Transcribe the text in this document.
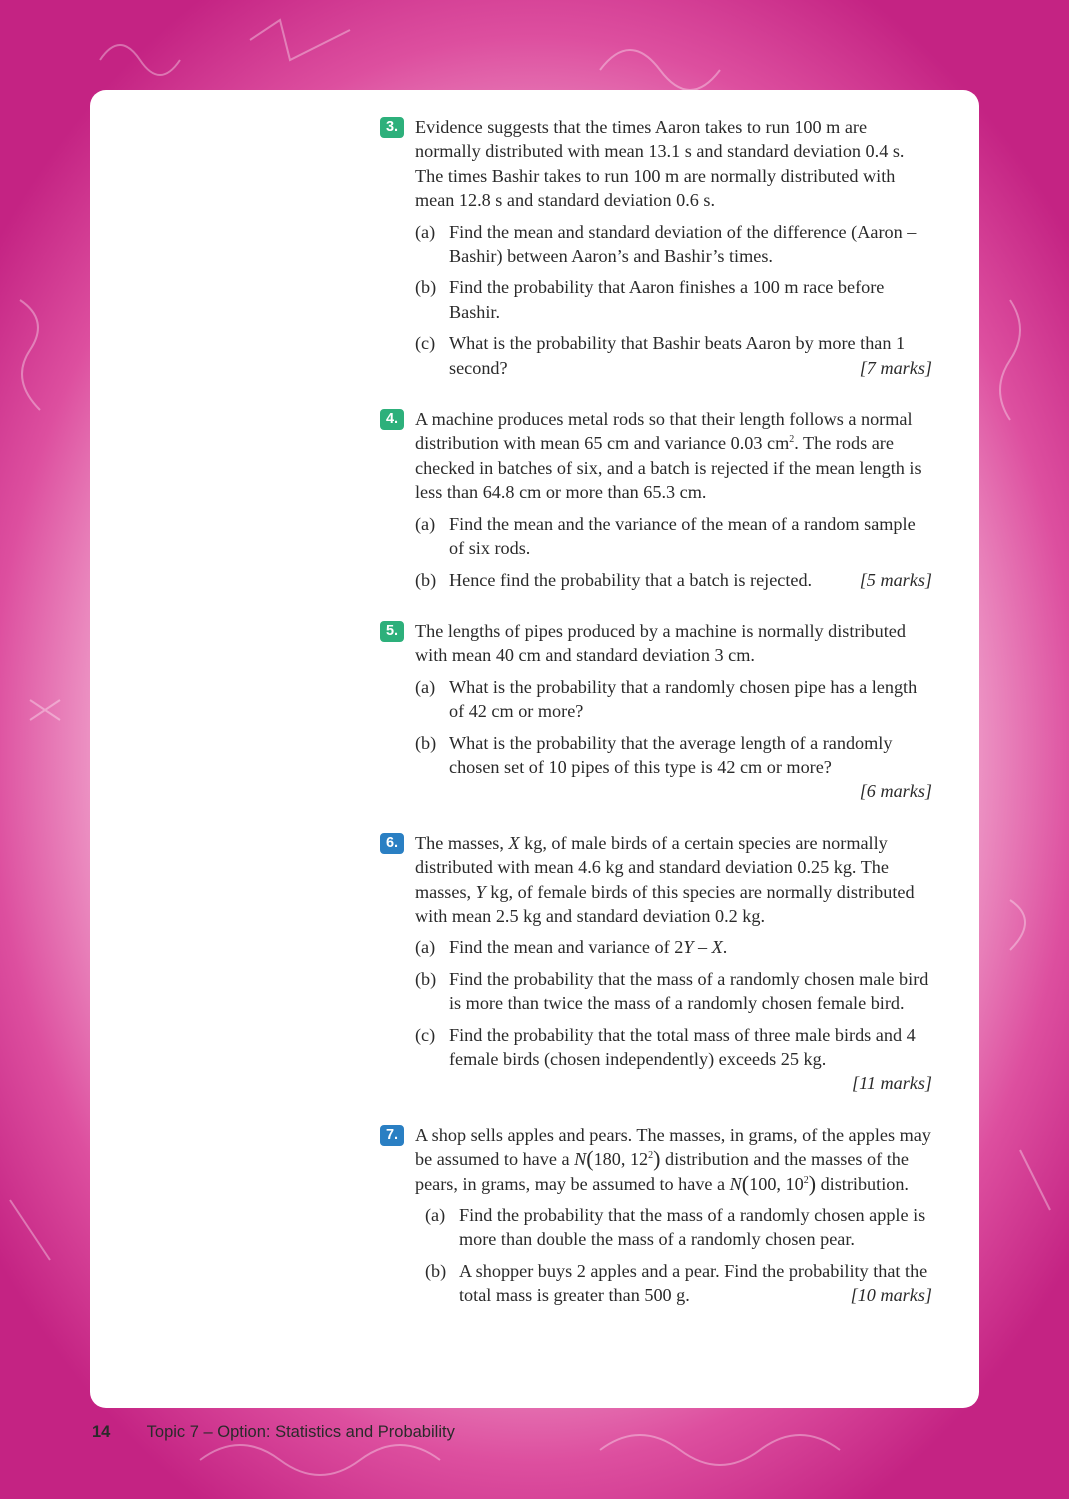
3. Evidence suggests that the times Aaron takes to run 100 m are normally distributed with mean 13.1 s and standard deviation 0.4 s. The times Bashir takes to run 100 m are normally distributed with mean 12.8 s and standard deviation 0.6 s.

(a) Find the mean and standard deviation of the difference (Aaron – Bashir) between Aaron’s and Bashir’s times.
(b) Find the probability that Aaron finishes a 100 m race before Bashir.
(c) What is the probability that Bashir beats Aaron by more than 1 second?	[7 marks]
4. A machine produces metal rods so that their length follows a normal distribution with mean 65 cm and variance 0.03 $cm^2$. The rods are checked in batches of six, and a batch is rejected if the mean length is less than 64.8 cm or more than 65.3 cm.

(a) Find the mean and the variance of the mean of a random sample of six rods.
(b) Hence find the probability that a batch is rejected.	[5 marks]
5. The lengths of pipes produced by a machine is normally distributed with mean 40 cm and standard deviation 3 cm.

(a) What is the probability that a randomly chosen pipe has a length of 42 cm or more?
(b) What is the probability that the average length of a randomly chosen set of 10 pipes of this type is 42 cm or more?
[6 marks]
6. The masses, X kg, of male birds of a certain species are normally distributed with mean 4.6 kg and standard deviation 0.25 kg. The masses, Y kg, of female birds of this species are normally distributed with mean 2.5 kg and standard deviation 0.2 kg.

(a) Find the mean and variance of 2Y – X.
(b) Find the probability that the mass of a randomly chosen male bird is more than twice the mass of a randomly chosen female bird.
(c) Find the probability that the total mass of three male birds and 4 female birds (chosen independently) exceeds 25 kg.
[11 marks]
7. A shop sells apples and pears. The masses, in grams, of the apples may be assumed to have a N(180, $12^2$) distribution and the masses of the pears, in grams, may be assumed to have a N(100, $10^2$) distribution.

(a) Find the probability that the mass of a randomly chosen apple is more than double the mass of a randomly chosen pear.
(b) A shopper buys 2 apples and a pear. Find the probability that the total mass is greater than 500 g.	[10 marks]
14 Topic 7 – Option: Statistics and Probability
